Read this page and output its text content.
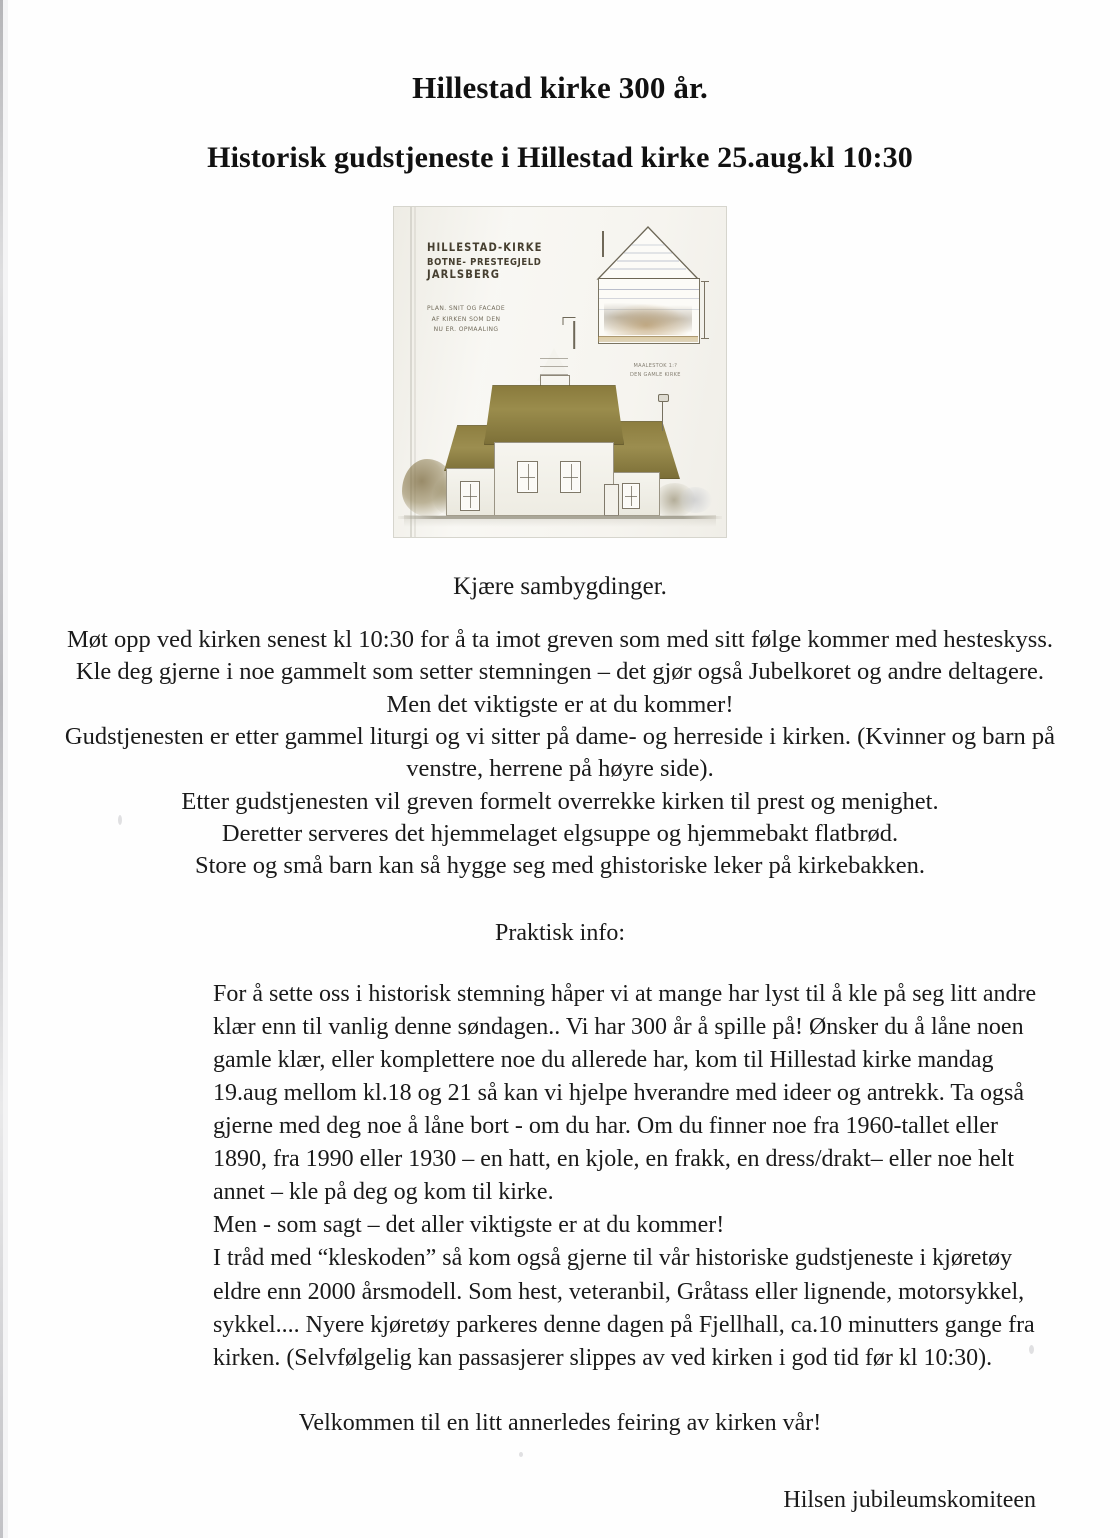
Hillestad kirke 300 år.
Historisk gudstjeneste i Hillestad kirke 25.aug.kl 10:30
HILLESTAD-KIRKE
BOTNE- PRESTEGJELD
JARLSBERG
PLAN. SNIT OG FACADE
AF KIRKEN SOM DEN
NU ER. OPMAALING
MAALESTOK 1:?
DEN GAMLE KIRKE

Kjære sambygdinger.

Møt opp ved kirken senest kl 10:30 for å ta imot greven som med sitt følge kommer med hesteskyss.
Kle deg gjerne i noe gammelt som setter stemningen – det gjør også Jubelkoret og andre deltagere. Men det viktigste er at du kommer!
Gudstjenesten er etter gammel liturgi og vi sitter på dame- og herreside i kirken. (Kvinner og barn på venstre, herrene på høyre side).
Etter gudstjenesten vil greven formelt overrekke kirken til prest og menighet.
Deretter serveres det hjemmelaget elgsuppe og hjemmebakt flatbrød.
Store og små barn kan så hygge seg med ghistoriske leker på kirkebakken.

Praktisk info:

For å sette oss i historisk stemning håper vi at mange har lyst til å kle på seg litt andre klær enn til vanlig denne søndagen.. Vi har 300 år å spille på! Ønsker du å låne noen gamle klær, eller komplettere noe du allerede har, kom til Hillestad kirke mandag 19.aug mellom kl.18 og 21 så kan vi hjelpe hverandre med ideer og antrekk. Ta også gjerne med deg noe å låne bort - om du har. Om du finner noe fra 1960-tallet eller 1890, fra 1990 eller 1930 – en hatt, en kjole, en frakk, en dress/drakt– eller noe helt annet – kle på deg og kom til kirke.
Men - som sagt – det aller viktigste er at du kommer!
I tråd med “kleskoden” så kom også gjerne til vår historiske gudstjeneste i kjøretøy eldre enn 2000 årsmodell. Som hest, veteranbil, Gråtass eller lignende, motorsykkel, sykkel.... Nyere kjøretøy parkeres denne dagen på Fjellhall, ca.10 minutters gange fra kirken. (Selvfølgelig kan passasjerer slippes av ved kirken i god tid før kl 10:30).

Velkommen til en litt annerledes feiring av kirken vår!

Hilsen jubileumskomiteen
